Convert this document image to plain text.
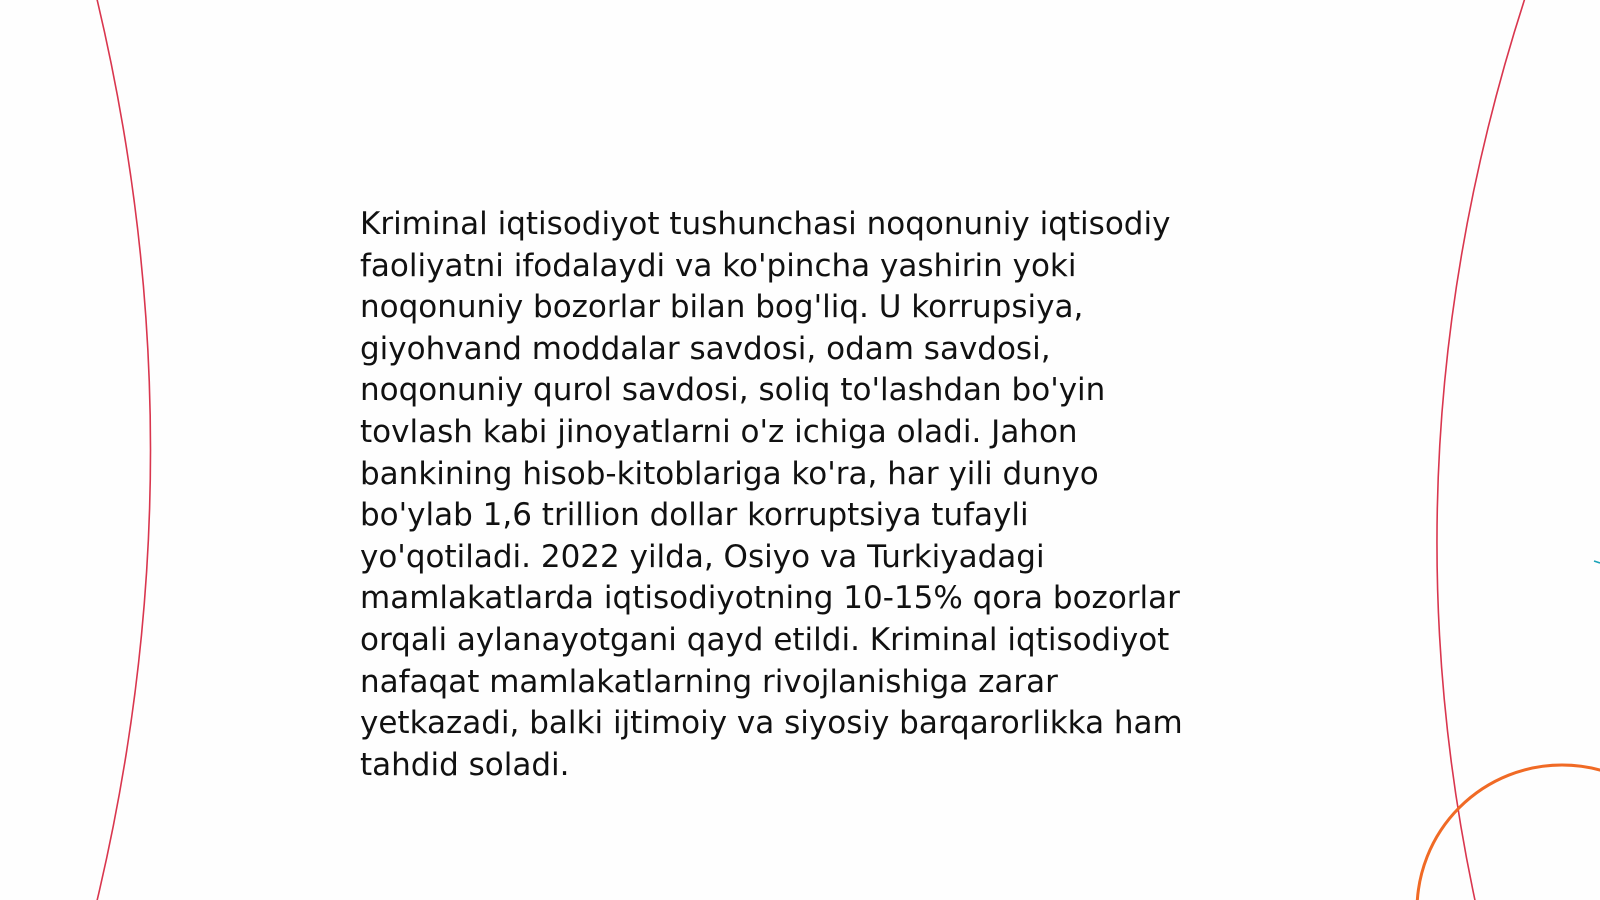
Kriminal iqtisodiyot tushunchasi noqonuniy iqtisodiy
faoliyatni ifodalaydi va ko'pincha yashirin yoki
noqonuniy bozorlar bilan bog'liq. U korrupsiya,
giyohvand moddalar savdosi, odam savdosi,
noqonuniy qurol savdosi, soliq to'lashdan bo'yin
tovlash kabi jinoyatlarni o'z ichiga oladi. Jahon
bankining hisob-kitoblariga ko'ra, har yili dunyo
bo'ylab 1,6 trillion dollar korruptsiya tufayli
yo'qotiladi. 2022 yilda, Osiyo va Turkiyadagi
mamlakatlarda iqtisodiyotning 10-15% qora bozorlar
orqali aylanayotgani qayd etildi. Kriminal iqtisodiyot
nafaqat mamlakatlarning rivojlanishiga zarar
yetkazadi, balki ijtimoiy va siyosiy barqarorlikka ham
tahdid soladi.
